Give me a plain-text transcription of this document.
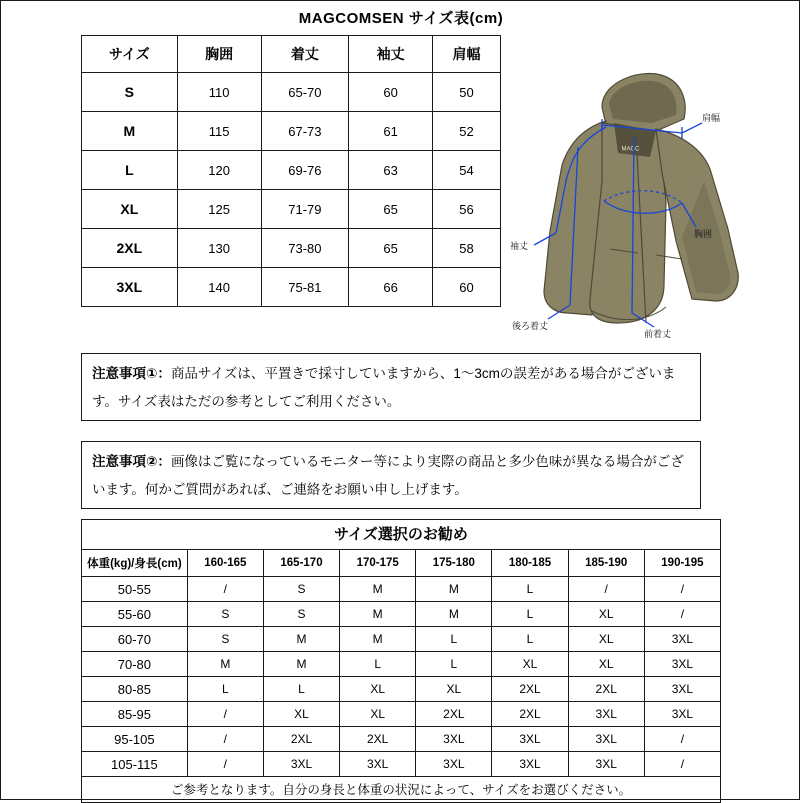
MAGCOMSEN サイズ表(cm)
サイズ	胸囲	着丈	袖丈	肩幅
S	110	65-70	60	50
M	115	67-73	61	52
L	120	69-76	63	54
XL	125	71-79	65	56
2XL	130	73-80	65	58
3XL	140	75-81	66	60
MAGC
肩幅
袖丈
胸囲
前着丈
後ろ着丈
注意事項①：商品サイズは、平置きで採寸していますから、1〜3cmの誤差がある場合がございます。サイズ表はただの参考としてご利用ください。
注意事項②：画像はご覧になっているモニター等により実際の商品と多少色味が異なる場合がございます。何かご質問があれば、ご連絡をお願い申し上げます。
サイズ選択のお勧め
体重(kg)/身長(cm)	160-165	165-170	170-175	175-180	180-185	185-190	190-195
50-55	/	S	M	M	L	/	/
55-60	S	S	M	M	L	XL	/
60-70	S	M	M	L	L	XL	3XL
70-80	M	M	L	L	XL	XL	3XL
80-85	L	L	XL	XL	2XL	2XL	3XL
85-95	/	XL	XL	2XL	2XL	3XL	3XL
95-105	/	2XL	2XL	3XL	3XL	3XL	/
105-115	/	3XL	3XL	3XL	3XL	3XL	/
ご参考となります。自分の身長と体重の状況によって、サイズをお選びください。
